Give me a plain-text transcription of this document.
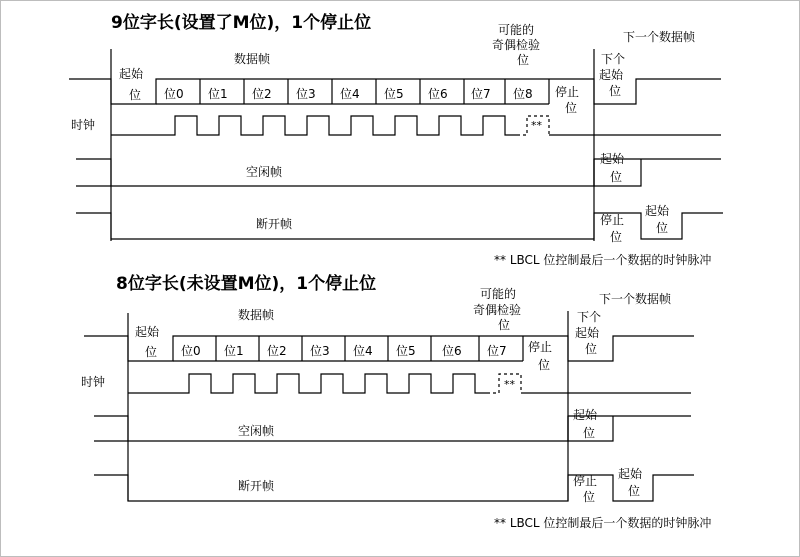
9位字长(设置了M位)，1个停止位
数据帧
可能的
奇偶检验
位
下一个数据帧
起始
位 位0 位1 位2 位3 位4 位5 位6 位7 位8 停止
位
下个
起始
位
时钟	**
空闲帧
起始
位
断开帧	停止
位
起始
位
** LBCL 位控制最后一个数据的时钟脉冲
8位字长(未设置M位)，1个停止位
数据帧
可能的
奇偶检验
位
下一个数据帧
起始
位 位0 位1 位2 位3 位4 位5 位6 位7 停止
位
下个
起始
位
时钟	**
空闲帧
起始
位
断开帧	停止
位
起始
位
** LBCL 位控制最后一个数据的时钟脉冲
